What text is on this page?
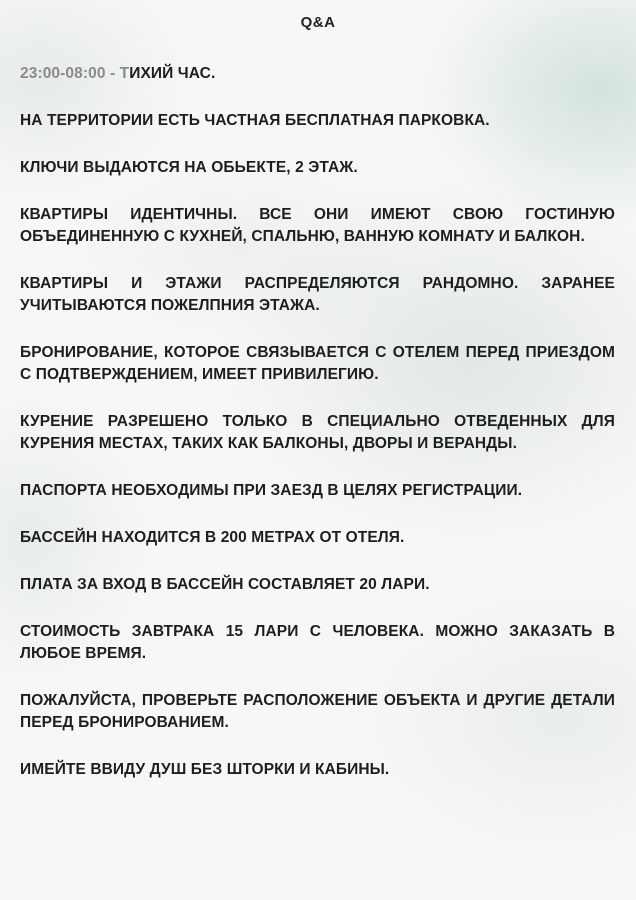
Q&A

23:00-08:00 - ТИХИЙ ЧАС.

НА ТЕРРИТОРИИ ЕСТЬ ЧАСТНАЯ БЕСПЛАТНАЯ ПАРКОВКА.

КЛЮЧИ ВЫДАЮТСЯ НА ОБЬЕКТЕ, 2 ЭТАЖ.

КВАРТИРЫ ИДЕНТИЧНЫ. ВСЕ ОНИ ИМЕЮТ СВОЮ ГОСТИНУЮ ОБЪЕДИНЕННУЮ С КУХНЕЙ, СПАЛЬНЮ, ВАННУЮ КОМНАТУ И БАЛКОН.

КВАРТИРЫ И ЭТАЖИ РАСПРЕДЕЛЯЮТСЯ РАНДОМНО. ЗАРАНЕЕ УЧИТЫВАЮТСЯ ПОЖЕЛПНИЯ ЭТАЖА.

БРОНИРОВАНИЕ, КОТОРОЕ СВЯЗЫВАЕТСЯ С ОТЕЛЕМ ПЕРЕД ПРИЕЗДОМ С ПОДТВЕРЖДЕНИЕМ, ИМЕЕТ ПРИВИЛЕГИЮ.

КУРЕНИЕ РАЗРЕШЕНО ТОЛЬКО В СПЕЦИАЛЬНО ОТВЕДЕННЫХ ДЛЯ КУРЕНИЯ МЕСТАХ, ТАКИХ КАК БАЛКОНЫ, ДВОРЫ И ВЕРАНДЫ.

ПАСПОРТА НЕОБХОДИМЫ ПРИ ЗАЕЗД В ЦЕЛЯХ РЕГИСТРАЦИИ.

БАССЕЙН НАХОДИТСЯ В 200 МЕТРАХ ОТ ОТЕЛЯ.

ПЛАТА ЗА ВХОД В БАССЕЙН СОСТАВЛЯЕТ 20 ЛАРИ.

СТОИМОСТЬ ЗАВТРАКА 15 ЛАРИ С ЧЕЛОВЕКА. МОЖНО ЗАКАЗАТЬ В ЛЮБОЕ ВРЕМЯ.

ПОЖАЛУЙСТА, ПРОВЕРЬТЕ РАСПОЛОЖЕНИЕ ОБЪЕКТА И ДРУГИЕ ДЕТАЛИ ПЕРЕД БРОНИРОВАНИЕМ.

ИМЕЙТЕ ВВИДУ ДУШ БЕЗ ШТОРКИ И КАБИНЫ.
